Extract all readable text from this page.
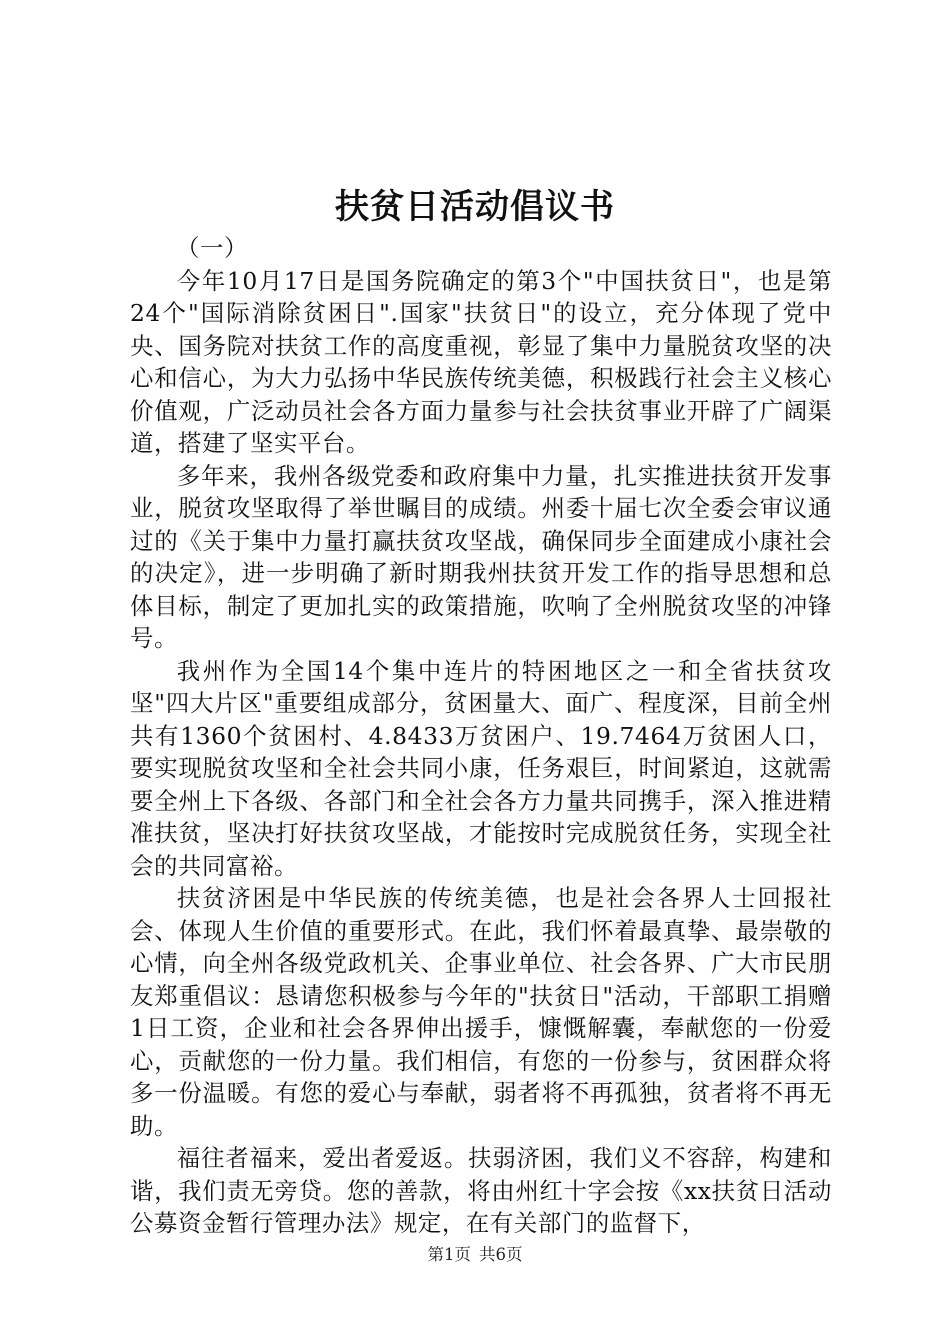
扶贫日活动倡议书

（一）

今年10月17日是国务院确定的第3个"中国扶贫日"，也是第24个"国际消除贫困日".国家"扶贫日"的设立，充分体现了党中央、国务院对扶贫工作的高度重视，彰显了集中力量脱贫攻坚的决心和信心，为大力弘扬中华民族传统美德，积极践行社会主义核心价值观，广泛动员社会各方面力量参与社会扶贫事业开辟了广阔渠道，搭建了坚实平台。

多年来，我州各级党委和政府集中力量，扎实推进扶贫开发事业，脱贫攻坚取得了举世瞩目的成绩。州委十届七次全委会审议通过的《关于集中力量打赢扶贫攻坚战，确保同步全面建成小康社会的决定》，进一步明确了新时期我州扶贫开发工作的指导思想和总体目标，制定了更加扎实的政策措施，吹响了全州脱贫攻坚的冲锋号。

我州作为全国14个集中连片的特困地区之一和全省扶贫攻坚"四大片区"重要组成部分，贫困量大、面广、程度深，目前全州共有1360个贫困村、4.8433万贫困户、19.7464万贫困人口，要实现脱贫攻坚和全社会共同小康，任务艰巨，时间紧迫，这就需要全州上下各级、各部门和全社会各方力量共同携手，深入推进精准扶贫，坚决打好扶贫攻坚战，才能按时完成脱贫任务，实现全社会的共同富裕。

扶贫济困是中华民族的传统美德，也是社会各界人士回报社会、体现人生价值的重要形式。在此，我们怀着最真挚、最崇敬的心情，向全州各级党政机关、企事业单位、社会各界、广大市民朋友郑重倡议：恳请您积极参与今年的"扶贫日"活动，干部职工捐赠1日工资，企业和社会各界伸出援手，慷慨解囊，奉献您的一份爱心，贡献您的一份力量。我们相信，有您的一份参与，贫困群众将多一份温暖。有您的爱心与奉献，弱者将不再孤独，贫者将不再无助。

福往者福来，爱出者爱返。扶弱济困，我们义不容辞，构建和谐，我们责无旁贷。您的善款，将由州红十字会按《xx扶贫日活动公募资金暂行管理办法》规定，在有关部门的监督下，

第1页 共6页
